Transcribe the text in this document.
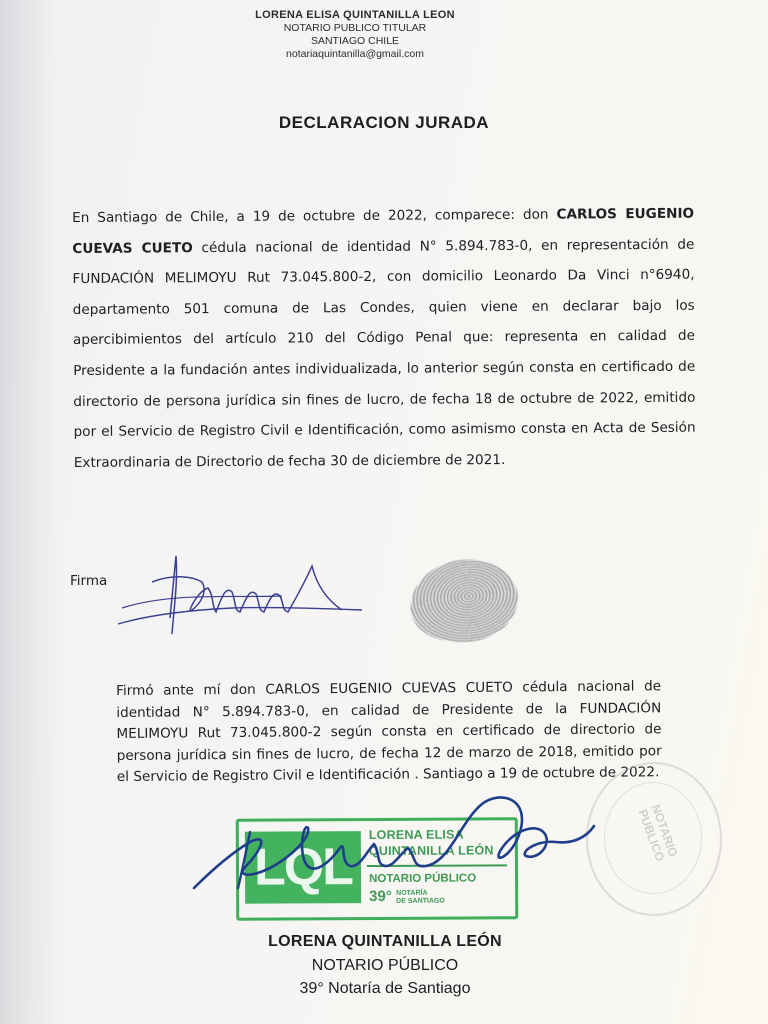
LORENA ELISA QUINTANILLA LEON
NOTARIO PUBLICO TITULAR
SANTIAGO CHILE
notariaquintanilla@gmail.com
DECLARACION JURADA
En Santiago de Chile, a 19 de octubre de 2022, comparece: don CARLOS EUGENIO CUEVAS CUETO cédula nacional de identidad N° 5.894.783-0, en representación de FUNDACIÓN MELIMOYU Rut 73.045.800-2, con domicilio Leonardo Da Vinci n°6940, departamento 501 comuna de Las Condes, quien viene en declarar bajo los apercibimientos del artículo 210 del Código Penal que: representa en calidad de Presidente a la fundación antes individualizada, lo anterior según consta en certificado de directorio de persona jurídica sin fines de lucro, de fecha 18 de octubre de 2022, emitido por el Servicio de Registro Civil e Identificación, como asimismo consta en Acta de Sesión Extraordinaria de Directorio de fecha 30 de diciembre de 2021.
Firma
Firmó ante mí don CARLOS EUGENIO CUEVAS CUETO cédula nacional de identidad N° 5.894.783-0, en calidad de Presidente de la FUNDACIÓN MELIMOYU Rut 73.045.800-2 según consta en certificado de directorio de persona jurídica sin fines de lucro, de fecha 12 de marzo de 2018, emitido por el Servicio de Registro Civil e Identificación . Santiago a 19 de octubre de 2022.
NOTARIO PUBLICO
LQL
LORENA ELISA
QUINTANILLA LEÓN
NOTARIO PÚBLICO
39° NOTARÍA
DE SANTIAGO
LORENA QUINTANILLA LEÓN
NOTARIO PÚBLICO
39° Notaría de Santiago
